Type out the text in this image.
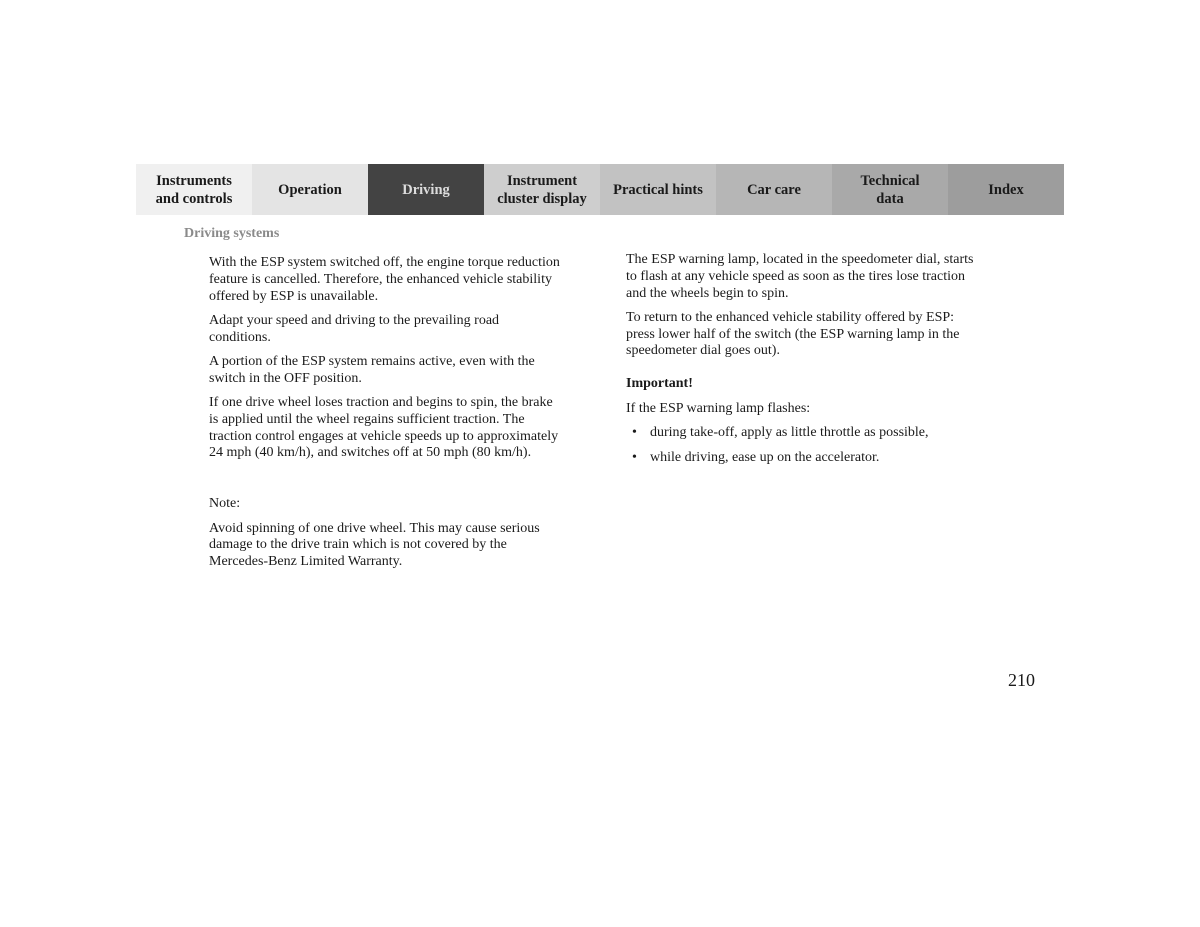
Instruments
and controls
Operation	Driving
Instrument
cluster display
Practical hints	Car care
Technical
data
Index
Driving systems

With the ESP system switched off, the engine torque reduction feature is cancelled. Therefore, the enhanced vehicle stability offered by ESP is unavailable.

Adapt your speed and driving to the prevailing road conditions.

A portion of the ESP system remains active, even with the switch in the OFF position.

If one drive wheel loses traction and begins to spin, the brake is applied until the wheel regains sufficient traction. The traction control engages at vehicle speeds up to approximately 24 mph (40 km/h), and switches off at 50 mph (80 km/h).

Note:

Avoid spinning of one drive wheel. This may cause serious damage to the drive train which is not covered by the Mercedes-Benz Limited Warranty.

The ESP warning lamp, located in the speedometer dial, starts to flash at any vehicle speed as soon as the tires lose traction and the wheels begin to spin.

To return to the enhanced vehicle stability offered by ESP: press lower half of the switch (the ESP warning lamp in the speedometer dial goes out).

Important!

If the ESP warning lamp flashes:

• during take-off, apply as little throttle as possible,
• while driving, ease up on the accelerator.
210
